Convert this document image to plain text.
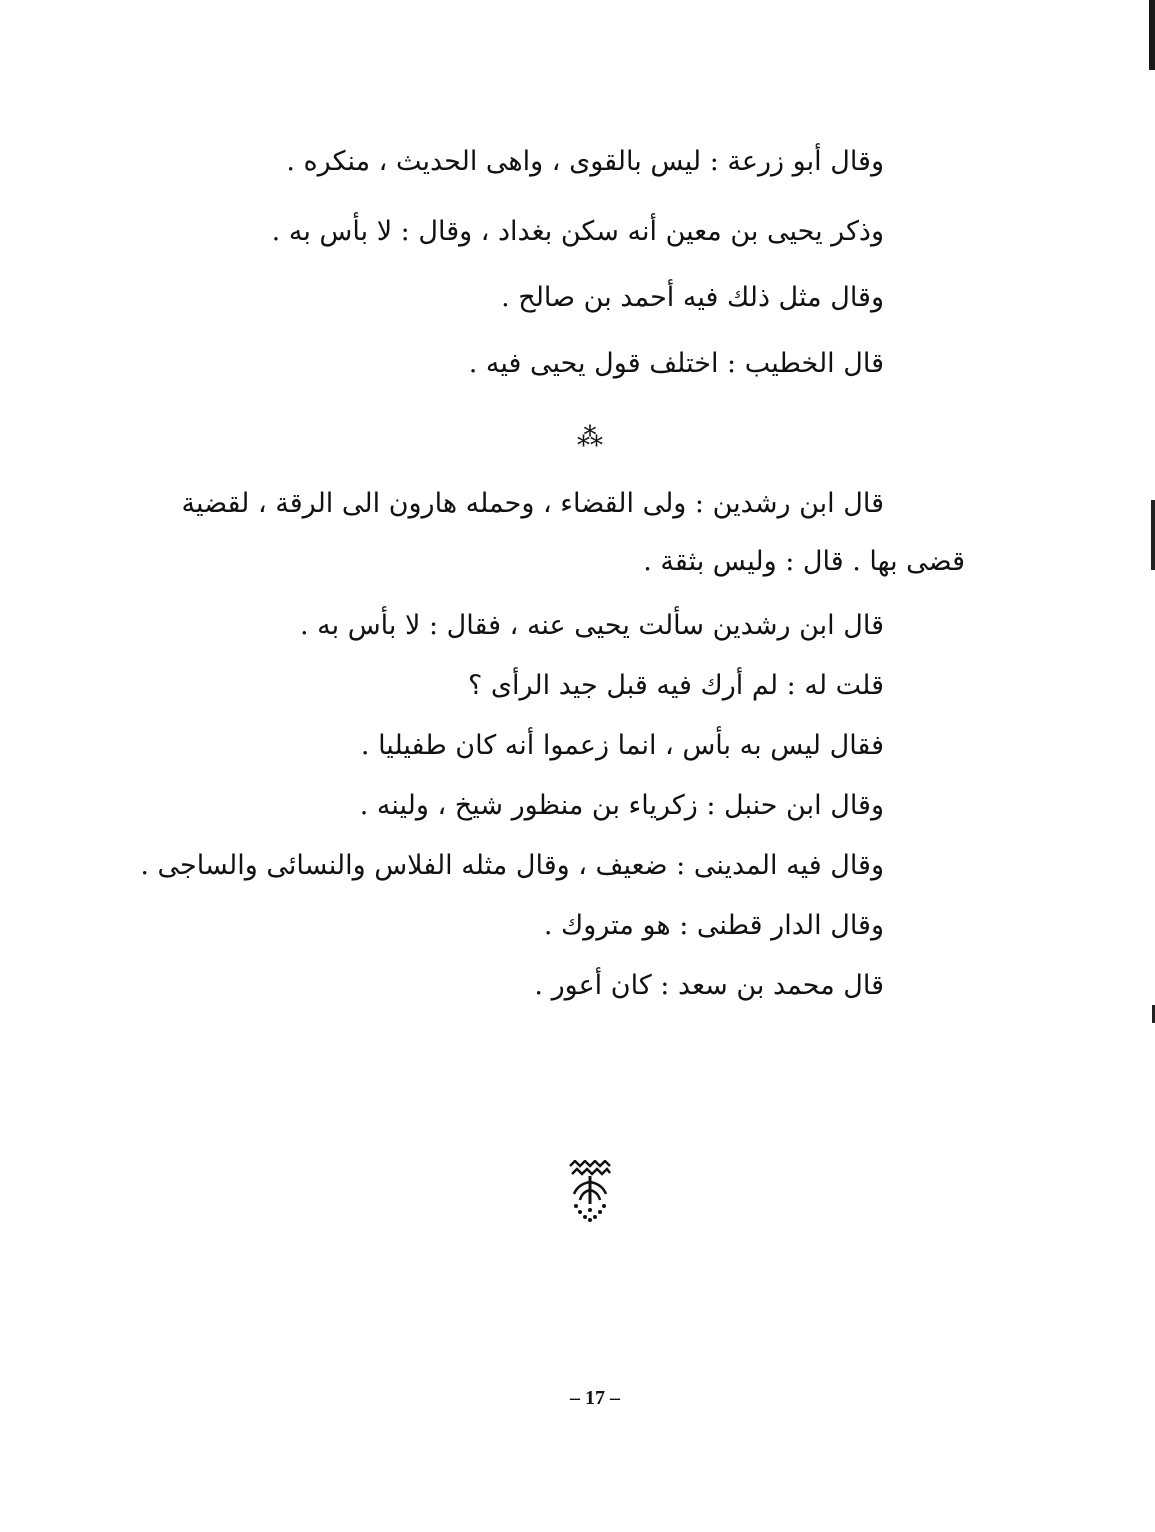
وقال أبو زرعة : ليس بالقوى ، واهى الحديث ، منكره .
وذكر يحيى بن معين أنه سكن بغداد ، وقال : لا بأس به .
وقال مثل ذلك فيه أحمد بن صالح .
قال الخطيب : اختلف قول يحيى فيه .
⁂
قال ابن رشدين : ولى القضاء ، وحمله هارون الى الرقة ، لقضية
قضى بها . قال : وليس بثقة .
قال ابن رشدين سألت يحيى عنه ، فقال : لا بأس به .
قلت له : لم أرك فيه قبل جيد الرأى ؟
فقال ليس به بأس ، انما زعموا أنه كان طفيليا .
وقال ابن حنبل : زكرياء بن منظور شيخ ، ولينه .
وقال فيه المدينى : ضعيف ، وقال مثله الفلاس والنسائى والساجى .
وقال الدار قطنى : هو متروك .
قال محمد بن سعد : كان أعور .
– 17 –
